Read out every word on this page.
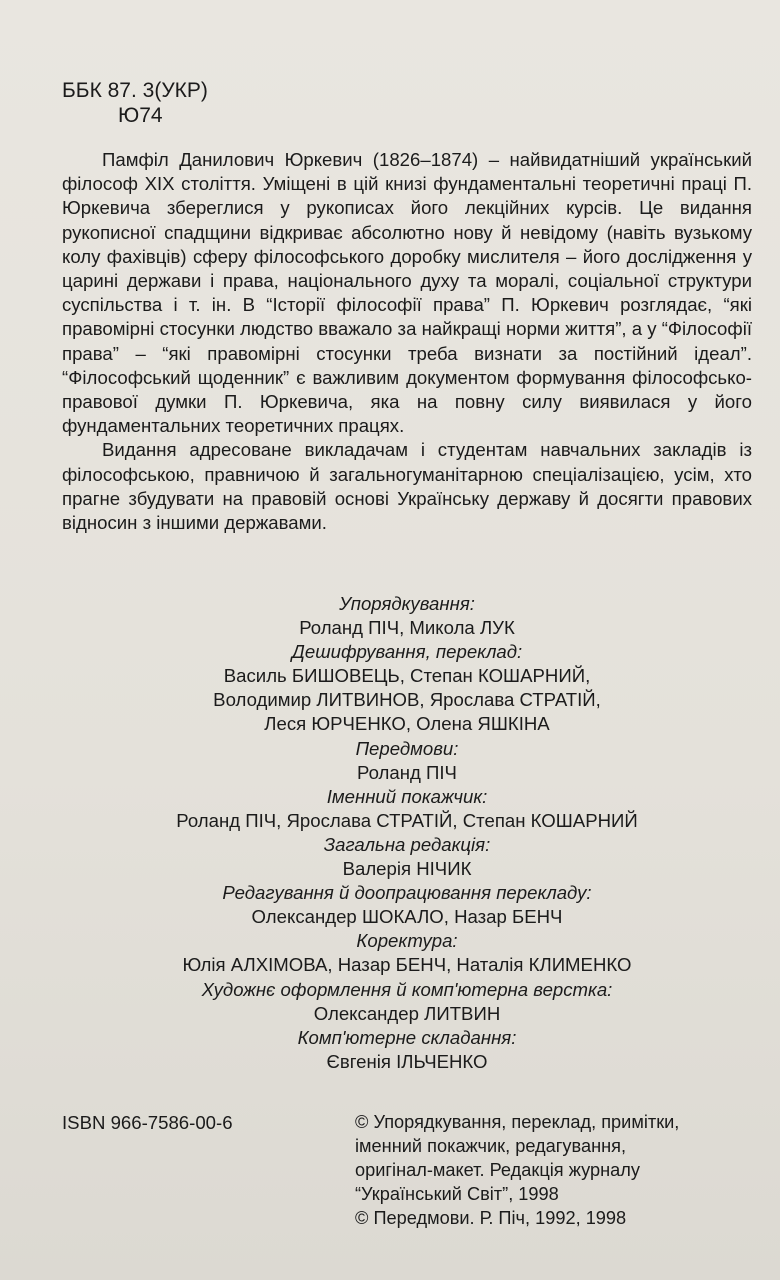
ББК 87. 3(УКР)
Ю74

Памфіл Данилович Юркевич (1826–1874) – найвидатніший український філософ XIX століття. Уміщені в цій книзі фундаментальні теоретичні праці П. Юркевича збереглися у рукописах його лекційних курсів. Це видання рукописної спадщини відкриває абсолютно нову й невідому (навіть вузькому колу фахівців) сферу філософського доробку мислителя – його дослідження у царині держави і права, національного духу та моралі, соціальної структури суспільства і т. ін. В “Історії філософії права” П. Юркевич розглядає, “які правомірні стосунки людство вважало за найкращі норми життя”, а у “Філософії права” – “які правомірні стосунки треба визнати за постійний ідеал”. “Філософський щоденник” є важливим документом формування філософсько-правової думки П. Юркевича, яка на повну силу виявилася у його фундаментальних теоретичних працях.

Видання адресоване викладачам і студентам навчальних закладів із філософською, правничою й загальногуманітарною спеціалізацією, усім, хто прагне збудувати на правовій основі Українську державу й досягти правових відносин з іншими державами.

Упорядкування:
Роланд ПІЧ, Микола ЛУК
Дешифрування, переклад:
Василь БИШОВЕЦЬ, Степан КОШАРНИЙ,
Володимир ЛИТВИНОВ, Ярослава СТРАТІЙ,
Леся ЮРЧЕНКО, Олена ЯШКІНА
Передмови:
Роланд ПІЧ
Іменний покажчик:
Роланд ПІЧ, Ярослава СТРАТІЙ, Степан КОШАРНИЙ
Загальна редакція:
Валерія НІЧИК
Редагування й доопрацювання перекладу:
Олександер ШОКАЛО, Назар БЕНЧ
Коректура:
Юлія АЛХІМОВА, Назар БЕНЧ, Наталія КЛИМЕНКО
Художнє оформлення й комп'ютерна верстка:
Олександер ЛИТВИН
Комп'ютерне складання:
Євгенія ІЛЬЧЕНКО
ISBN 966-7586-00-6	© Упорядкування, переклад, примітки,
іменний покажчик, редагування,
оригінал-макет. Редакція журналу
“Український Світ”, 1998
© Передмови. Р. Піч, 1992, 1998
